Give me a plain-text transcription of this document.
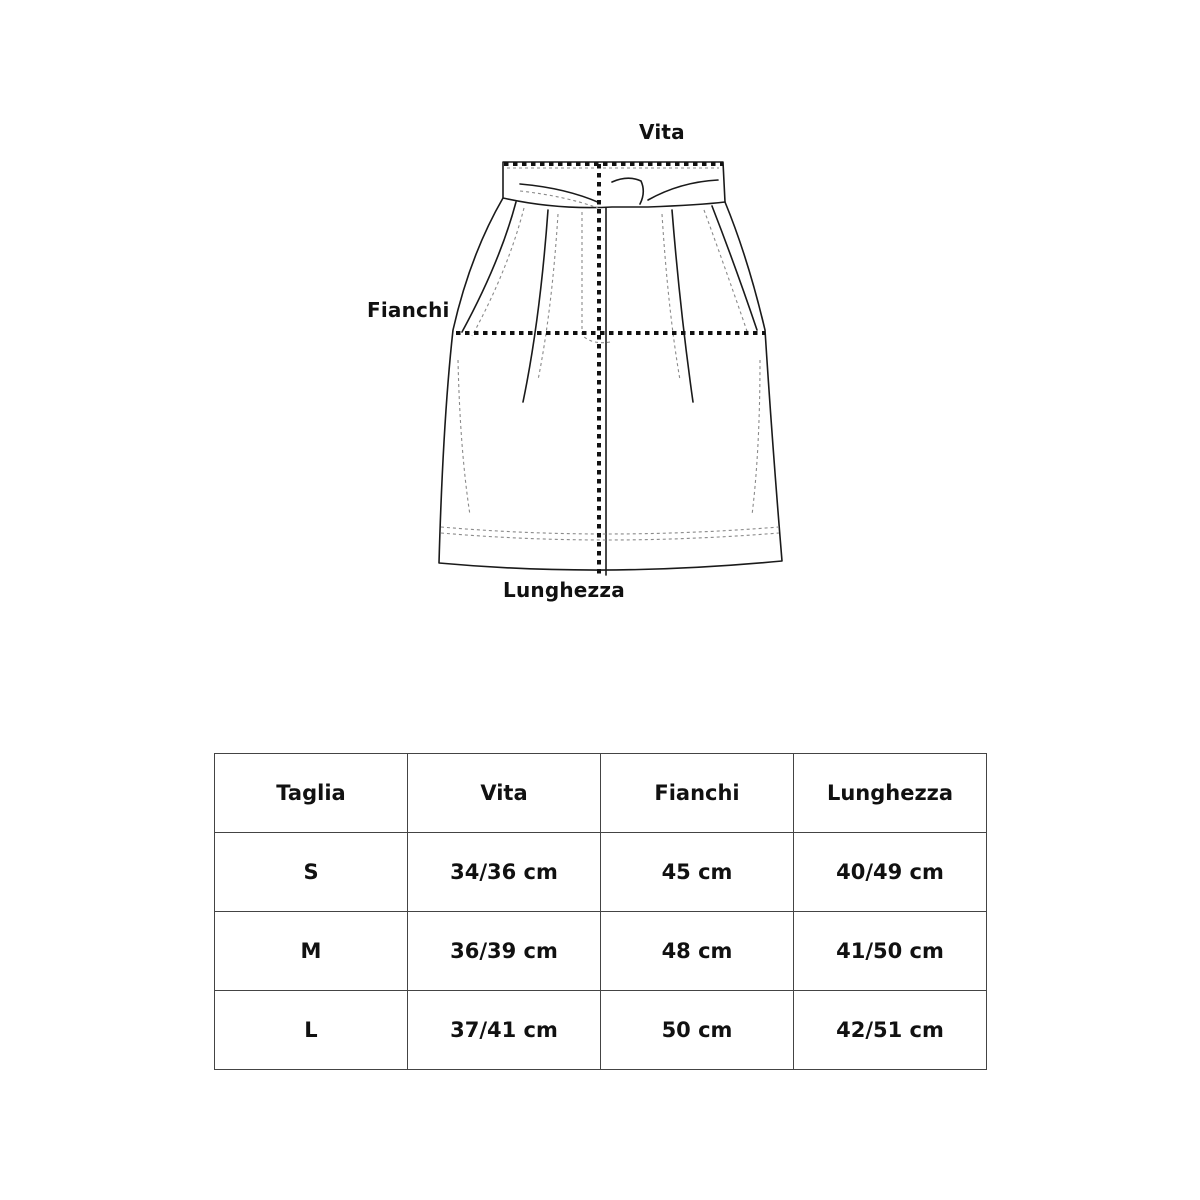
Vita
Fianchi
Lunghezza
Taglia	Vita	Fianchi	Lunghezza
S	34/36 cm	45 cm	40/49 cm
M	36/39 cm	48 cm	41/50 cm
L	37/41 cm	50 cm	42/51 cm
